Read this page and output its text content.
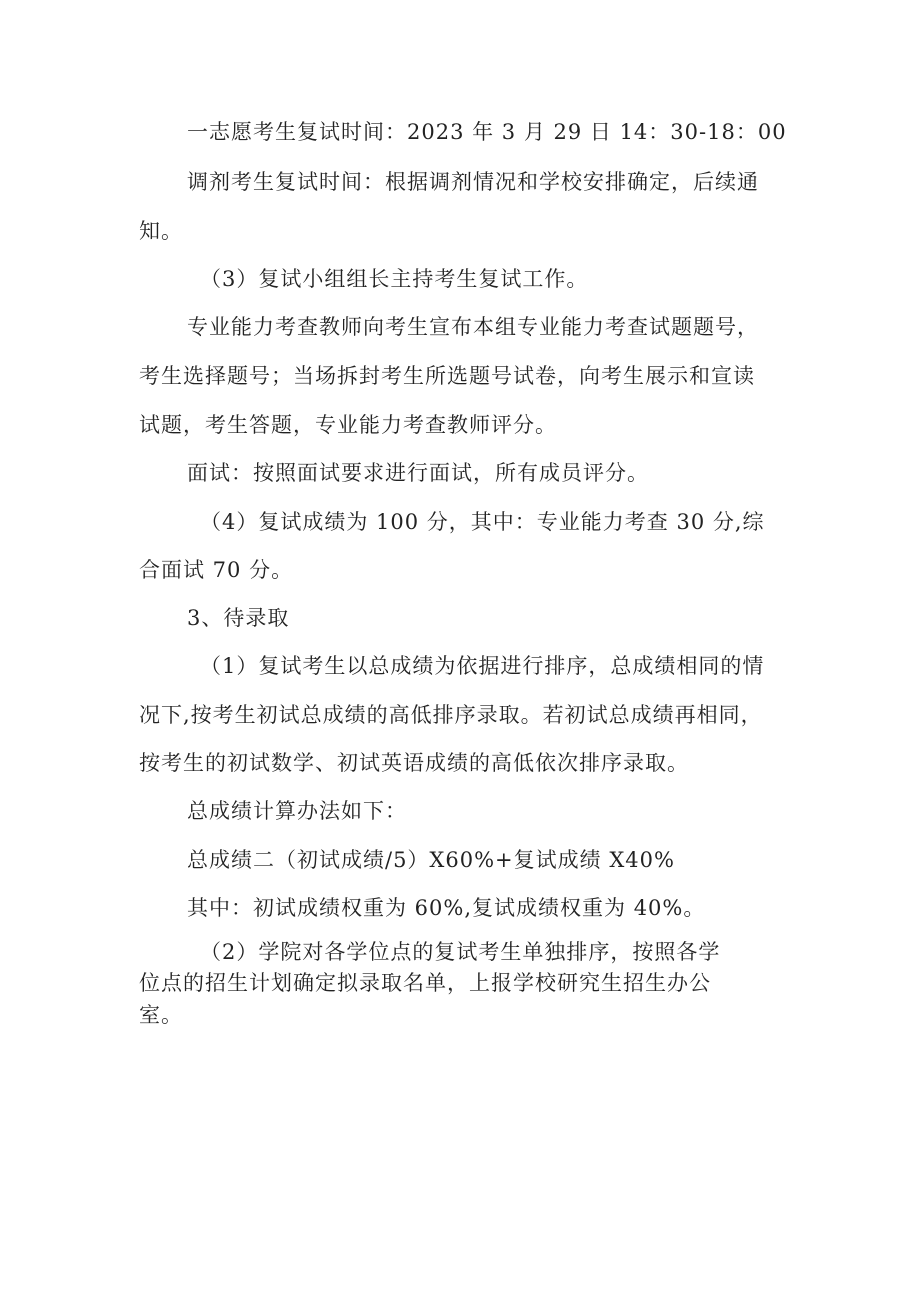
一志愿考生复试时间：2023 年 3 月 29 日 14：30-18：00
调剂考生复试时间：根据调剂情况和学校安排确定，后续通
知。
（3）复试小组组长主持考生复试工作。
专业能力考查教师向考生宣布本组专业能力考查试题题号，
考生选择题号；当场拆封考生所选题号试卷，向考生展示和宣读
试题，考生答题，专业能力考查教师评分。
面试：按照面试要求进行面试，所有成员评分。
（4）复试成绩为 100 分，其中：专业能力考查 30 分,综
合面试 70 分。
3、待录取
（1）复试考生以总成绩为依据进行排序，总成绩相同的情
况下,按考生初试总成绩的高低排序录取。若初试总成绩再相同，
按考生的初试数学、初试英语成绩的高低依次排序录取。
总成绩计算办法如下：
总成绩二（初试成绩/5）X60%+复试成绩 X40%
其中：初试成绩权重为 60%,复试成绩权重为 40%。
（2）学院对各学位点的复试考生单独排序，按照各学
位点的招生计划确定拟录取名单，上报学校研究生招生办公
室。
